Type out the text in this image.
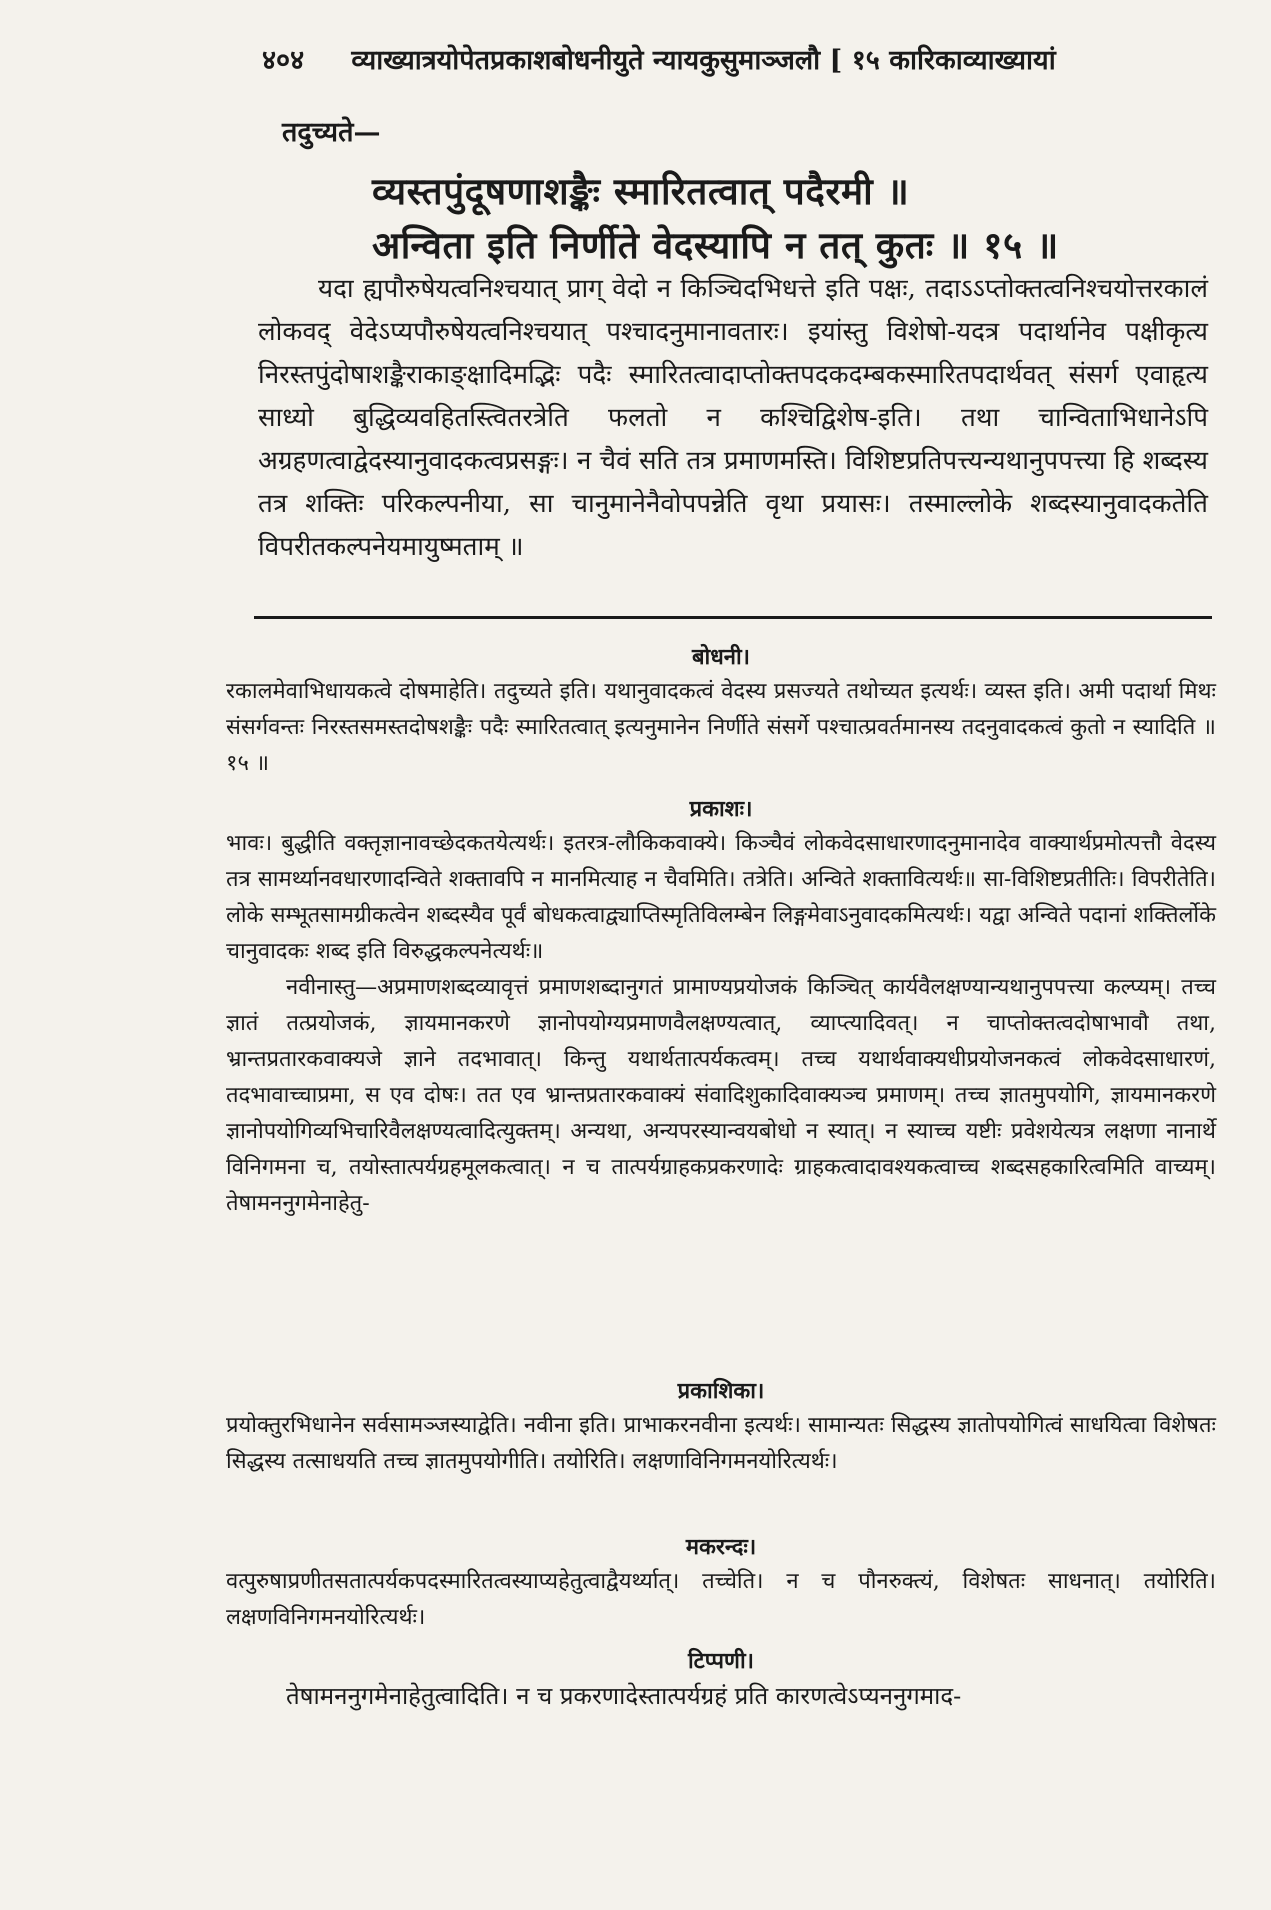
४०४ व्याख्यात्रयोपेतप्रकाशबोधनीयुते न्यायकुसुमाञ्जलौ [ १५ कारिकाव्याख्यायां
तदुच्यते—
व्यस्तपुंदूषणाशङ्कैः स्मारितत्वात् पदैरमी ॥
अन्विता इति निर्णीते वेदस्यापि न तत् कुतः ॥ १५ ॥

यदा ह्यपौरुषेयत्वनिश्चयात् प्राग् वेदो न किञ्चिदभिधत्ते इति पक्षः, तदाऽऽप्तोक्तत्वनिश्चयोत्तरकालं लोकवद् वेदेऽप्यपौरुषेयत्वनिश्चयात् पश्चादनुमानावतारः। इयांस्तु विशेषो-यदत्र पदार्थानेव पक्षीकृत्य निरस्तपुंदोषाशङ्कैराकाङ्क्षादिमद्भिः पदैः स्मारितत्वादाप्तोक्तपदकदम्बकस्मारितपदार्थवत् संसर्ग एवाहृत्य साध्यो बुद्धिव्यवहितस्त्वितरत्रेति फलतो न कश्चिद्विशेष-इति। तथा चान्विताभिधानेऽपि अग्रहणत्वाद्वेदस्यानुवादकत्वप्रसङ्गः। न चैवं सति तत्र प्रमाणमस्ति। विशिष्टप्रतिपत्त्यन्यथानुपपत्त्या हि शब्दस्य तत्र शक्तिः परिकल्पनीया, सा चानुमानेनैवोपपन्नेति वृथा प्रयासः। तस्माल्लोके शब्दस्यानुवादकतेति विपरीतकल्पनेयमायुष्मताम् ॥

बोधनी।

रकालमेवाभिधायकत्वे दोषमाहेति। तदुच्यते इति। यथानुवादकत्वं वेदस्य प्रसज्यते तथोच्यत इत्यर्थः। व्यस्त इति। अमी पदार्था मिथः संसर्गवन्तः निरस्तसमस्तदोषशङ्कैः पदैः स्मारितत्वात् इत्यनुमानेन निर्णीते संसर्गे पश्चात्प्रवर्तमानस्य तदनुवादकत्वं कुतो न स्यादिति ॥ १५ ॥

प्रकाशः।

भावः। बुद्धीति वक्तृज्ञानावच्छेदकतयेत्यर्थः। इतरत्र-लौकिकवाक्ये। किञ्चैवं लोकवेदसाधारणादनुमानादेव वाक्यार्थप्रमोत्पत्तौ वेदस्य तत्र सामर्थ्यानवधारणादन्विते शक्तावपि न मानमित्याह न चैवमिति। तत्रेति। अन्विते शक्तावित्यर्थः॥ सा-विशिष्टप्रतीतिः। विपरीतेति। लोके सम्भूतसामग्रीकत्वेन शब्दस्यैव पूर्वं बोधकत्वाद्व्याप्तिस्मृतिविलम्बेन लिङ्गमेवाऽनुवादकमित्यर्थः। यद्वा अन्विते पदानां शक्तिर्लोके चानुवादकः शब्द इति विरुद्धकल्पनेत्यर्थः॥

नवीनास्तु—अप्रमाणशब्दव्यावृत्तं प्रमाणशब्दानुगतं प्रामाण्यप्रयोजकं किञ्चित् कार्यवैलक्षण्यान्यथानुपपत्त्या कल्प्यम्। तच्च ज्ञातं तत्प्रयोजकं, ज्ञायमानकरणे ज्ञानोपयोग्यप्रमाणवैलक्षण्यत्वात्, व्याप्त्यादिवत्। न चाप्तोक्तत्वदोषाभावौ तथा, भ्रान्तप्रतारकवाक्यजे ज्ञाने तदभावात्। किन्तु यथार्थतात्पर्यकत्वम्। तच्च यथार्थवाक्यधीप्रयोजनकत्वं लोकवेदसाधारणं, तदभावाच्चाप्रमा, स एव दोषः। तत एव भ्रान्तप्रतारकवाक्यं संवादिशुकादिवाक्यञ्च प्रमाणम्। तच्च ज्ञातमुपयोगि, ज्ञायमानकरणे ज्ञानोपयोगिव्यभिचारिवैलक्षण्यत्वादित्युक्तम्। अन्यथा, अन्यपरस्यान्वयबोधो न स्यात्। न स्याच्च यष्टीः प्रवेशयेत्यत्र लक्षणा नानार्थे विनिगमना च, तयोस्तात्पर्यग्रहमूलकत्वात्। न च तात्पर्यग्राहकप्रकरणादेः ग्राहकत्वादावश्यकत्वाच्च शब्दसहकारित्वमिति वाच्यम्। तेषामननुगमेनाहेतु-

प्रकाशिका।

प्रयोक्तुरभिधानेन सर्वसामञ्जस्याद्वेति। नवीना इति। प्राभाकरनवीना इत्यर्थः। सामान्यतः सिद्धस्य ज्ञातोपयोगित्वं साधयित्वा विशेषतः सिद्धस्य तत्साधयति तच्च ज्ञातमुपयोगीति। तयोरिति। लक्षणाविनिगमनयोरित्यर्थः।

मकरन्दः।

वत्पुरुषाप्रणीतसतात्पर्यकपदस्मारितत्वस्याप्यहेतुत्वाद्वैयर्थ्यात्। तच्चेति। न च पौनरुक्त्यं, विशेषतः साधनात्। तयोरिति। लक्षणविनिगमनयोरित्यर्थः।

टिप्पणी।

तेषामननुगमेनाहेतुत्वादिति। न च प्रकरणादेस्तात्पर्यग्रहं प्रति कारणत्वेऽप्यननुगमाद-
